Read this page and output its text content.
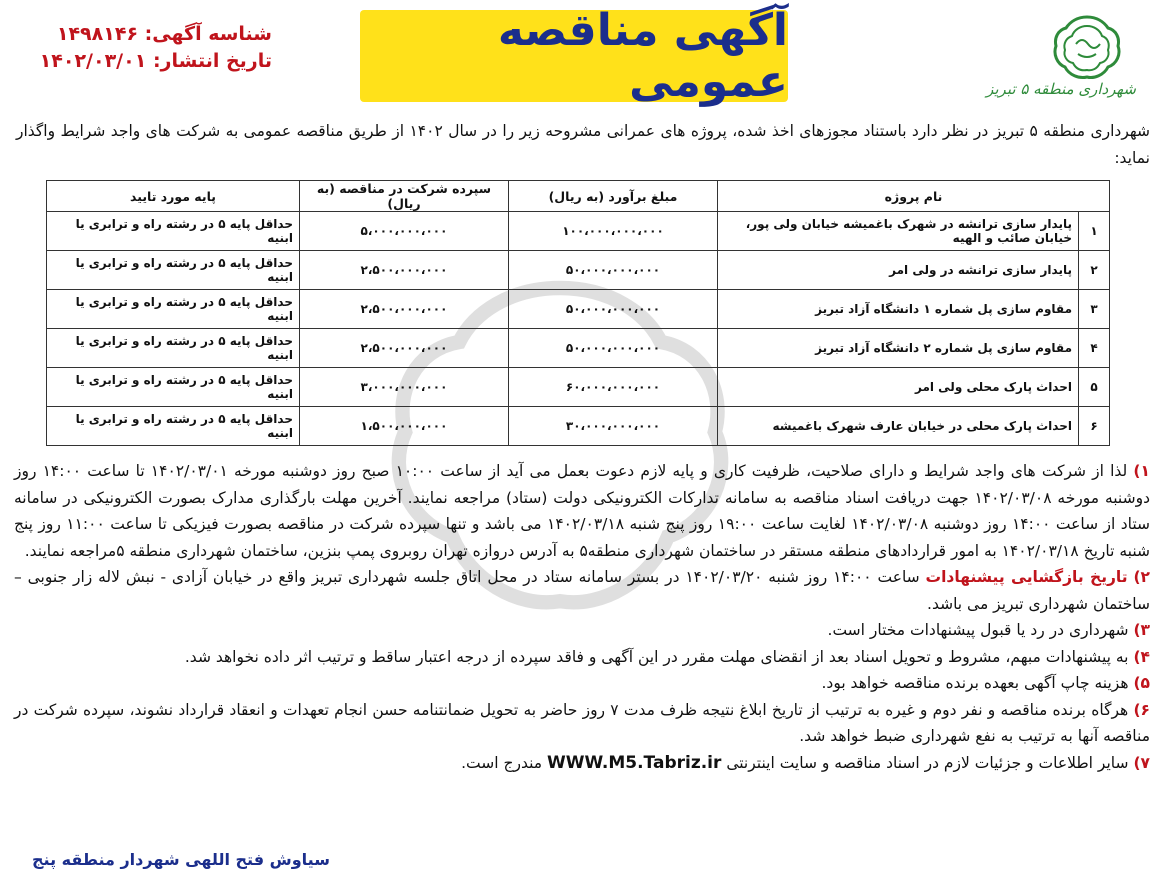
شهرداری منطقه ۵ تبریز
آگهی مناقصه عمومی
شناسه آگهی: ۱۴۹۸۱۴۶
تاریخ انتشار: ۱۴۰۲/۰۳/۰۱
شهرداری منطقه ۵ تبریز در نظر دارد باستناد مجوزهای اخذ شده، پروژه های عمرانی مشروحه زیر را در سال ۱۴۰۲ از طریق مناقصه عمومی به شرکت های واجد شرایط واگذار نماید:
نام پروژه		مبلغ برآورد (به ریال)	سپرده شرکت در مناقصه (به ریال)	پایه مورد تایید
۱	پایدار سازی ترانشه در شهرک باغمیشه خیابان ولی پور، خیابان صائب و الهیه	۱۰۰،۰۰۰،۰۰۰،۰۰۰	۵،۰۰۰،۰۰۰،۰۰۰	حداقل پایه ۵ در رشته راه و ترابری یا ابنیه
۲	پایدار سازی ترانشه در ولی امر	۵۰،۰۰۰،۰۰۰،۰۰۰	۲،۵۰۰،۰۰۰،۰۰۰	حداقل پایه ۵ در رشته راه و ترابری یا ابنیه
۳	مقاوم سازی پل شماره ۱ دانشگاه آزاد تبریز	۵۰،۰۰۰،۰۰۰،۰۰۰	۲،۵۰۰،۰۰۰،۰۰۰	حداقل پایه ۵ در رشته راه و ترابری یا ابنیه
۴	مقاوم سازی پل شماره ۲ دانشگاه آزاد تبریز	۵۰،۰۰۰،۰۰۰،۰۰۰	۲،۵۰۰،۰۰۰،۰۰۰	حداقل پایه ۵ در رشته راه و ترابری یا ابنیه
۵	احداث پارک محلی ولی امر	۶۰،۰۰۰،۰۰۰،۰۰۰	۳،۰۰۰،۰۰۰،۰۰۰	حداقل پایه ۵ در رشته راه و ترابری یا ابنیه
۶	احداث پارک محلی در خیابان عارف شهرک باغمیشه	۳۰،۰۰۰،۰۰۰،۰۰۰	۱،۵۰۰،۰۰۰،۰۰۰	حداقل پایه ۵ در رشته راه و ترابری یا ابنیه

۱) لذا از شرکت های واجد شرایط و دارای صلاحیت، ظرفیت کاری و پایه لازم دعوت بعمل می آید از ساعت ۱۰:۰۰ صبح روز دوشنبه مورخه ۱۴۰۲/۰۳/۰۱ تا ساعت ۱۴:۰۰ روز دوشنبه مورخه ۱۴۰۲/۰۳/۰۸ جهت دریافت اسناد مناقصه به سامانه تدارکات الکترونیکی دولت (ستاد) مراجعه نمایند. آخرین مهلت بارگذاری مدارک بصورت الکترونیکی در سامانه ستاد از ساعت ۱۴:۰۰ روز دوشنبه ۱۴۰۲/۰۳/۰۸ لغایت ساعت ۱۹:۰۰ روز پنج شنبه ۱۴۰۲/۰۳/۱۸ می باشد و تنها سپرده شرکت در مناقصه بصورت فیزیکی تا ساعت ۱۱:۰۰ روز پنج شنبه تاریخ ۱۴۰۲/۰۳/۱۸ به امور قراردادهای منطقه مستقر در ساختمان شهرداری منطقه۵ به آدرس دروازه تهران روبروی پمپ بنزین، ساختمان شهرداری منطقه ۵مراجعه نمایند.

۲) تاریخ بازگشایی پیشنهادات ساعت ۱۴:۰۰ روز شنبه ۱۴۰۲/۰۳/۲۰ در بستر سامانه ستاد در محل اتاق جلسه شهرداری تبریز واقع در خیابان آزادی - نبش لاله زار جنوبی – ساختمان شهرداری تبریز می باشد.

۳) شهرداری در رد یا قبول پیشنهادات مختار است.

۴) به پیشنهادات مبهم، مشروط و تحویل اسناد بعد از انقضای مهلت مقرر در این آگهی و فاقد سپرده از درجه اعتبار ساقط و ترتیب اثر داده نخواهد شد.

۵) هزینه چاپ آگهی بعهده برنده مناقصه خواهد بود.

۶) هرگاه برنده مناقصه و نفر دوم و غیره به ترتیب از تاریخ ابلاغ نتیجه ظرف مدت ۷ روز حاضر به تحویل ضمانتنامه حسن انجام تعهدات و انعقاد قرارداد نشوند، سپرده شرکت در مناقصه آنها به ترتیب به نفع شهرداری ضبط خواهد شد.

۷) سایر اطلاعات و جزئیات لازم در اسناد مناقصه و سایت اینترنتی WWW.M5.Tabriz.ir مندرج است.

سیاوش فتح اللهی شهردار منطقه پنج
